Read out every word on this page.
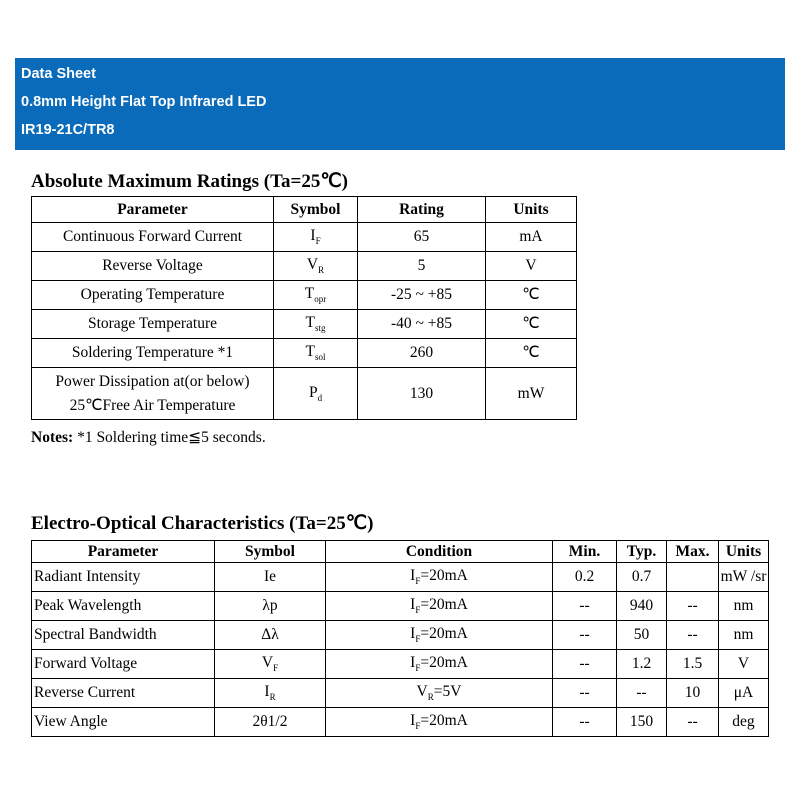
Data Sheet
0.8mm Height Flat Top Infrared LED
IR19-21C/TR8
Absolute Maximum Ratings (Ta=25℃)
Parameter	Symbol	Rating	Units
Continuous Forward Current	$I_F$	65	mA
Reverse Voltage	$V_R$	5	V
Operating Temperature	$T_{opr}$	-25 ~ +85	℃
Storage Temperature	$T_{stg}$	-40 ~ +85	℃
Soldering Temperature *1	$T_{sol}$	260	℃
Power Dissipation at(or below)
25℃Free Air Temperature	$P_d$	130	mW
Notes: *1 Soldering time≦5 seconds.
Electro-Optical Characteristics (Ta=25℃)
Parameter	Symbol	Condition	Min.	Typ.	Max.	Units
Radiant Intensity	Ie	$I_F=20mA$	0.2	0.7		mW /sr
Peak Wavelength	λp	$I_F=20mA$	--	940	--	nm
Spectral Bandwidth	Δλ	$I_F=20mA$	--	50	--	nm
Forward Voltage	$V_F$	$I_F=20mA$	--	1.2	1.5	V
Reverse Current	$I_R$	$V_R=5V$	--	--	10	μA
View Angle	2θ1/2	$I_F=20mA$	--	150	--	deg
